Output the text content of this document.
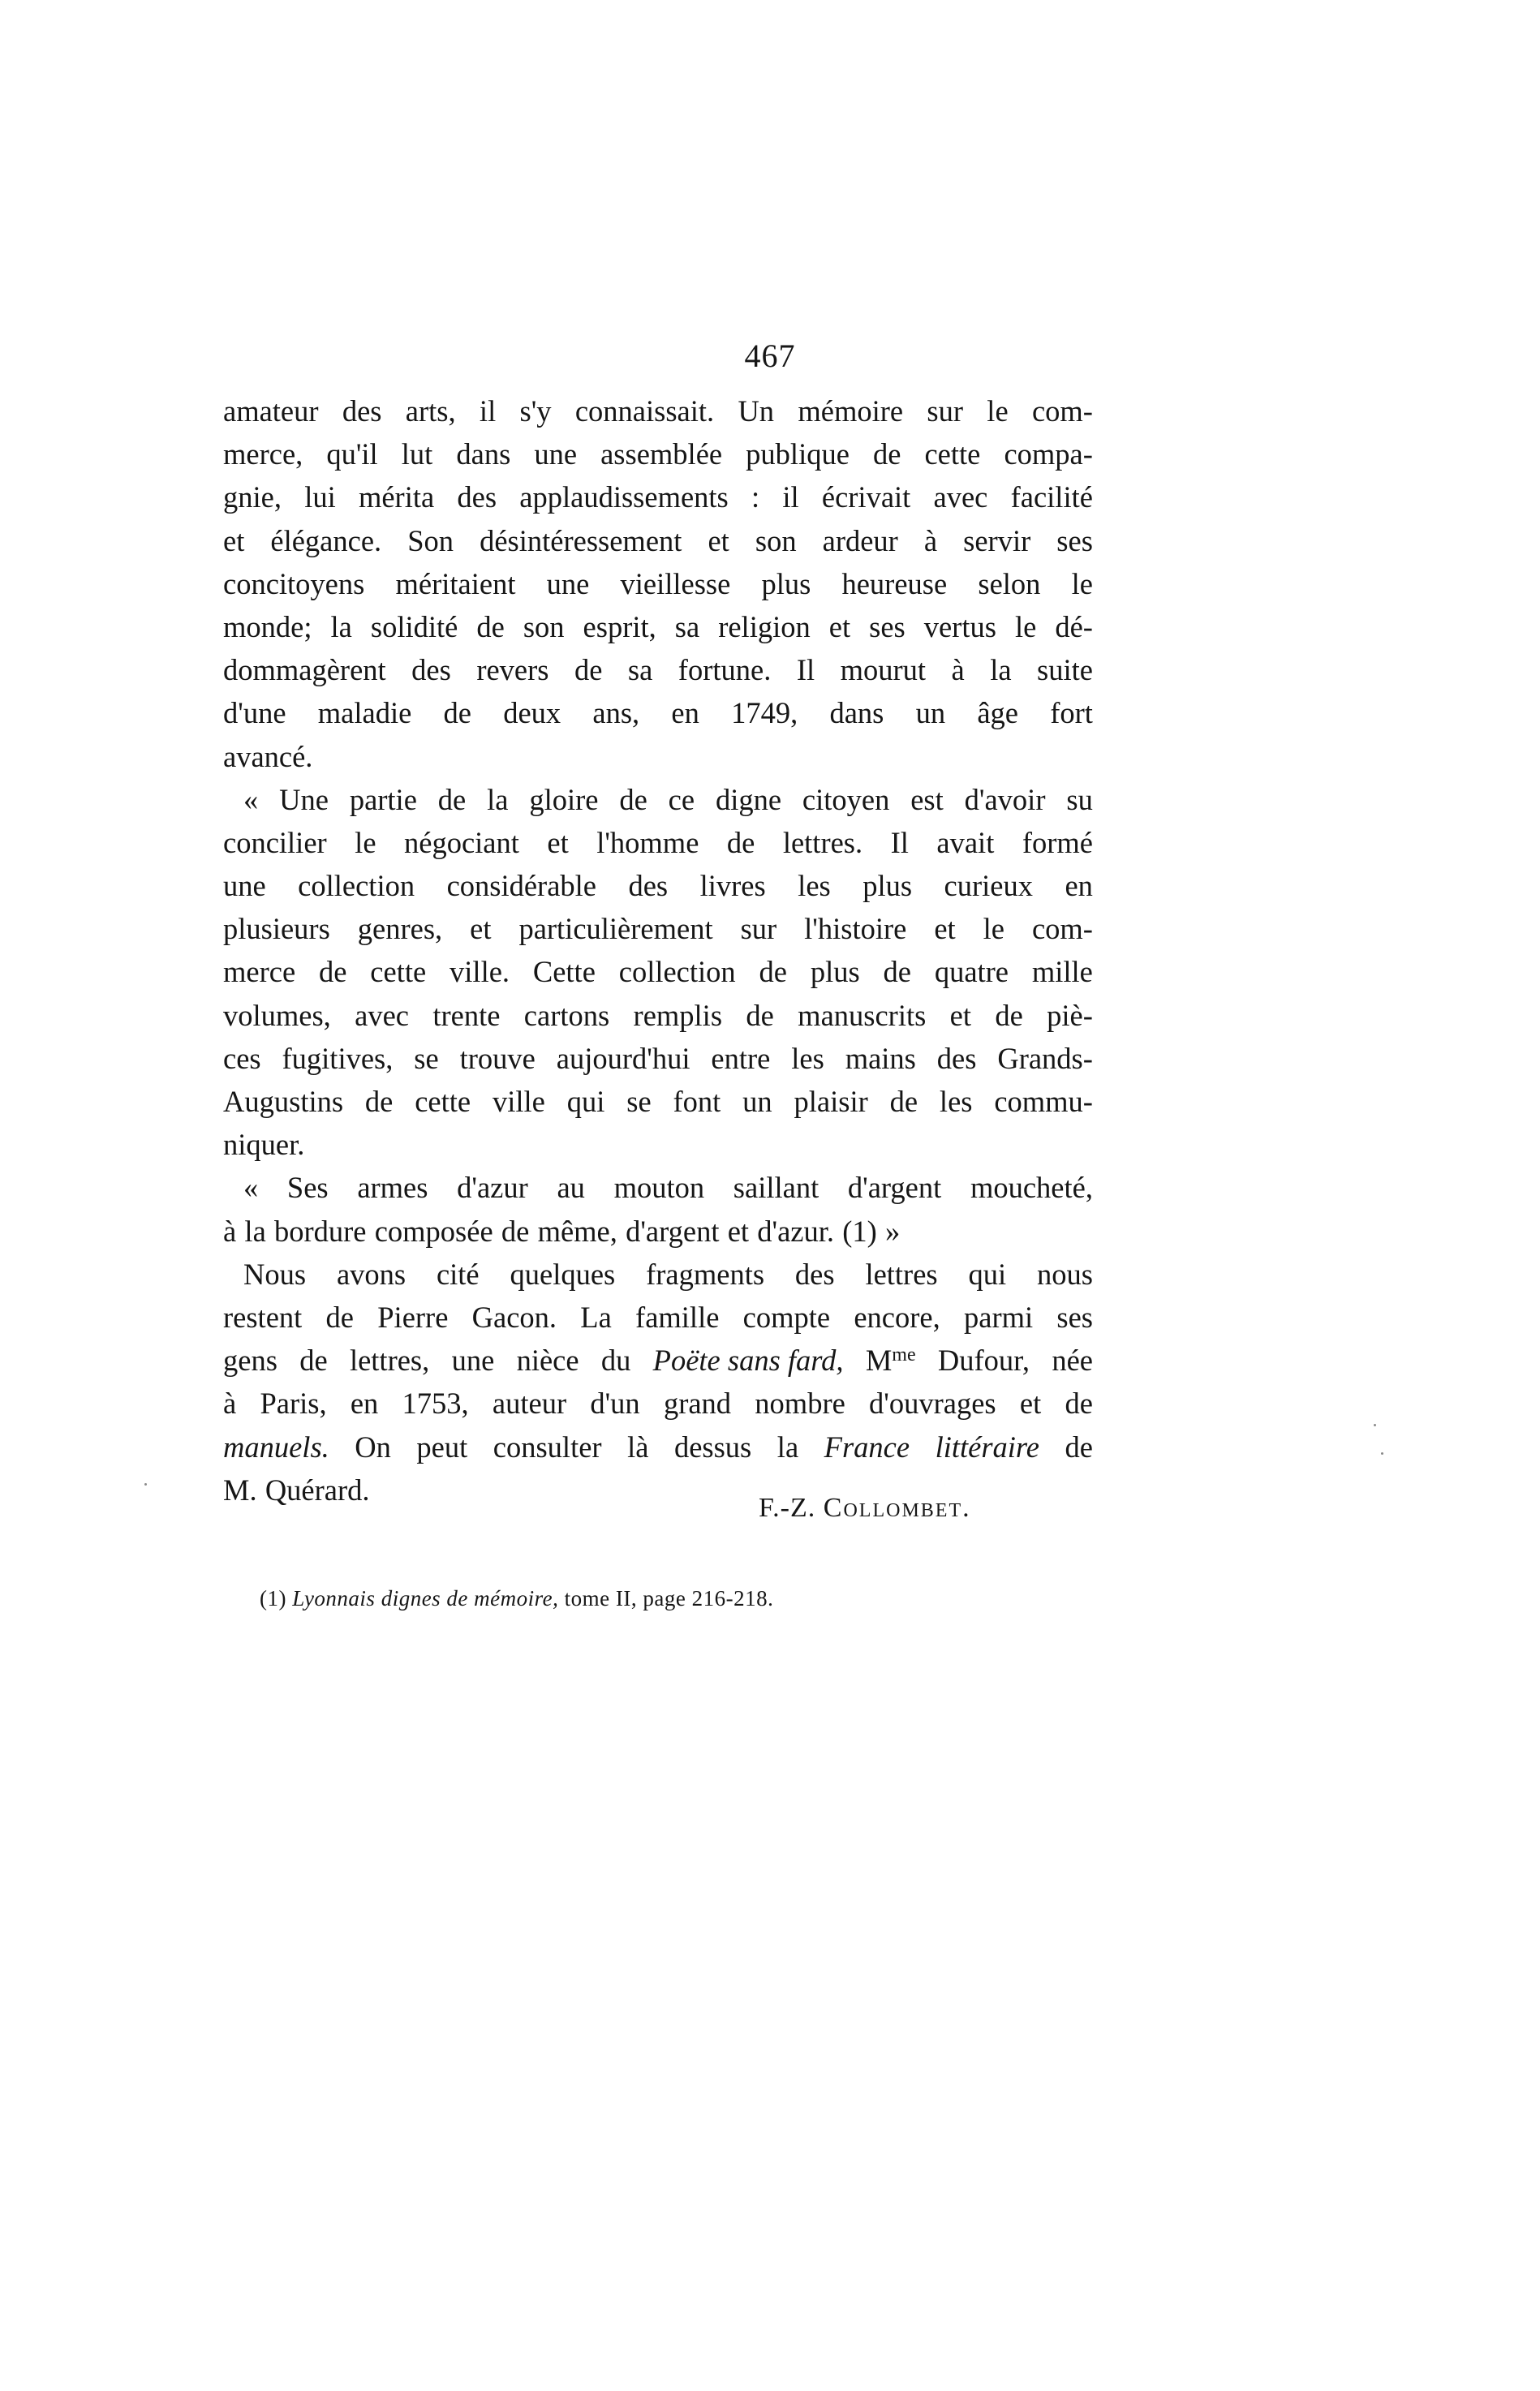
467
amateur des arts, il s'y connaissait. Un mémoire sur le com-
merce, qu'il lut dans une assemblée publique de cette compa-
gnie, lui mérita des applaudissements : il écrivait avec facilité
et élégance. Son désintéressement et son ardeur à servir ses
concitoyens méritaient une vieillesse plus heureuse selon le
monde; la solidité de son esprit, sa religion et ses vertus le dé-
dommagèrent des revers de sa fortune. Il mourut à la suite
d'une maladie de deux ans, en 1749, dans un âge fort
avancé.
« Une partie de la gloire de ce digne citoyen est d'avoir su
concilier le négociant et l'homme de lettres. Il avait formé
une collection considérable des livres les plus curieux en
plusieurs genres, et particulièrement sur l'histoire et le com-
merce de cette ville. Cette collection de plus de quatre mille
volumes, avec trente cartons remplis de manuscrits et de piè-
ces fugitives, se trouve aujourd'hui entre les mains des Grands-
Augustins de cette ville qui se font un plaisir de les commu-
niquer.
« Ses armes d'azur au mouton saillant d'argent moucheté,
à la bordure composée de même, d'argent et d'azur. (1) »
Nous avons cité quelques fragments des lettres qui nous
restent de Pierre Gacon. La famille compte encore, parmi ses
gens de lettres, une nièce du Poëte sans fard, $M^{me}$ Dufour, née
à Paris, en 1753, auteur d'un grand nombre d'ouvrages et de
manuels. On peut consulter là dessus la France littéraire de
M. Quérard.
F.-Z. Collombet.
(1) Lyonnais dignes de mémoire, tome II, page 216-218.
